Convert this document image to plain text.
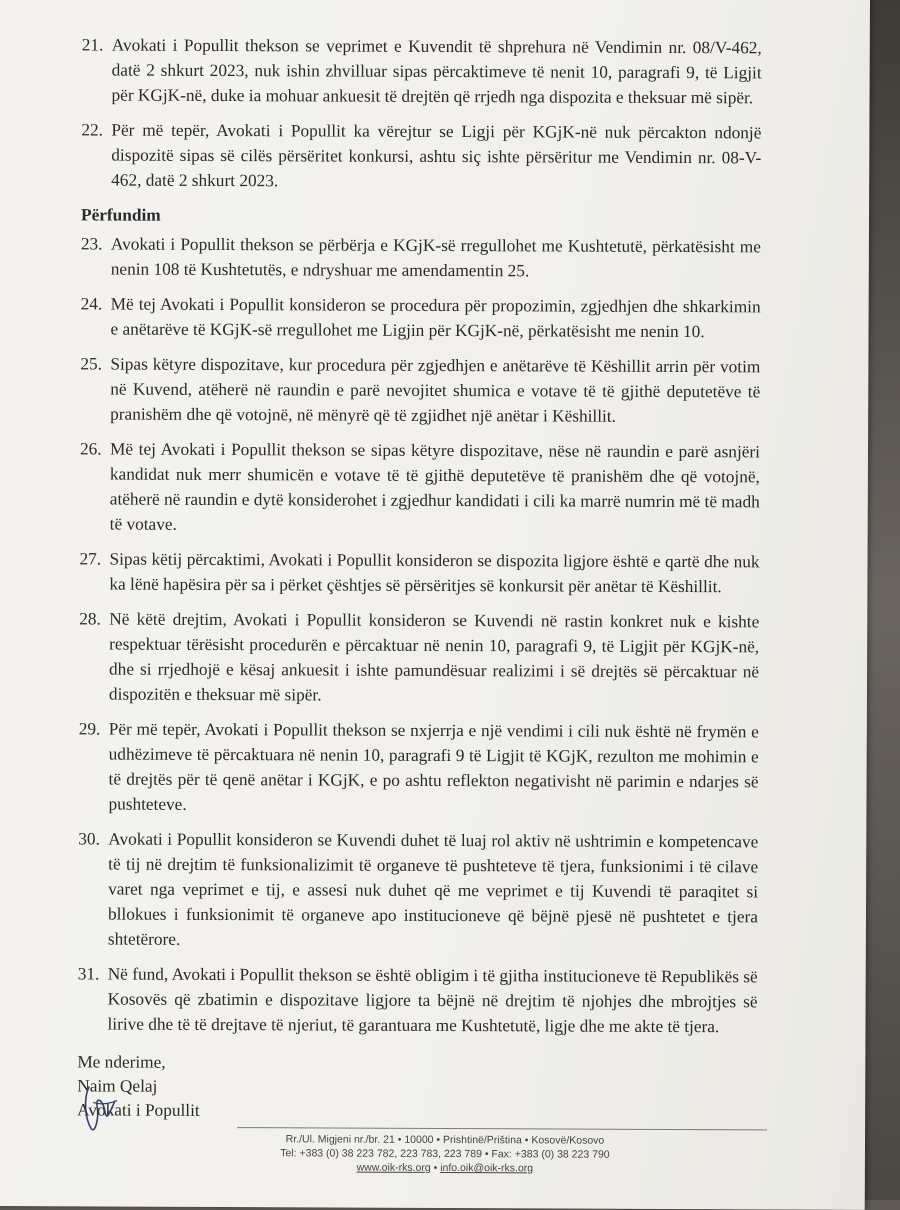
21. Avokati i Popullit thekson se veprimet e Kuvendit të shprehura në Vendimin nr. 08/V-462, datë 2 shkurt 2023, nuk ishin zhvilluar sipas përcaktimeve të nenit 10, paragrafi 9, të Ligjit për KGjK-në, duke ia mohuar ankuesit të drejtën që rrjedh nga dispozita e theksuar më sipër.
22. Për më tepër, Avokati i Popullit ka vërejtur se Ligji për KGjK-në nuk përcakton ndonjë dispozitë sipas së cilës përsëritet konkursi, ashtu siç ishte përsëritur me Vendimin nr. 08-V-462, datë 2 shkurt 2023.
Përfundim
23. Avokati i Popullit thekson se përbërja e KGjK-së rregullohet me Kushtetutë, përkatësisht me nenin 108 të Kushtetutës, e ndryshuar me amendamentin 25.
24. Më tej Avokati i Popullit konsideron se procedura për propozimin, zgjedhjen dhe shkarkimin e anëtarëve të KGjK-së rregullohet me Ligjin për KGjK-në, përkatësisht me nenin 10.
25. Sipas këtyre dispozitave, kur procedura për zgjedhjen e anëtarëve të Këshillit arrin për votim në Kuvend, atëherë në raundin e parë nevojitet shumica e votave të të gjithë deputetëve të pranishëm dhe që votojnë, në mënyrë që të zgjidhet një anëtar i Këshillit.
26. Më tej Avokati i Popullit thekson se sipas këtyre dispozitave, nëse në raundin e parë asnjëri kandidat nuk merr shumicën e votave të të gjithë deputetëve të pranishëm dhe që votojnë, atëherë në raundin e dytë konsiderohet i zgjedhur kandidati i cili ka marrë numrin më të madh të votave.
27. Sipas këtij përcaktimi, Avokati i Popullit konsideron se dispozita ligjore është e qartë dhe nuk ka lënë hapësira për sa i përket çështjes së përsëritjes së konkursit për anëtar të Këshillit.
28. Në këtë drejtim, Avokati i Popullit konsideron se Kuvendi në rastin konkret nuk e kishte respektuar tërësisht procedurën e përcaktuar në nenin 10, paragrafi 9, të Ligjit për KGjK-në, dhe si rrjedhojë e kësaj ankuesit i ishte pamundësuar realizimi i së drejtës së përcaktuar në dispozitën e theksuar më sipër.
29. Për më tepër, Avokati i Popullit thekson se nxjerrja e një vendimi i cili nuk është në frymën e udhëzimeve të përcaktuara në nenin 10, paragrafi 9 të Ligjit të KGjK, rezulton me mohimin e të drejtës për të qenë anëtar i KGjK, e po ashtu reflekton negativisht në parimin e ndarjes së pushteteve.
30. Avokati i Popullit konsideron se Kuvendi duhet të luaj rol aktiv në ushtrimin e kompetencave të tij në drejtim të funksionalizimit të organeve të pushteteve të tjera, funksionimi i të cilave varet nga veprimet e tij, e assesi nuk duhet që me veprimet e tij Kuvendi të paraqitet si bllokues i funksionimit të organeve apo institucioneve që bëjnë pjesë në pushtetet e tjera shtetërore.
31. Në fund, Avokati i Popullit thekson se është obligim i të gjitha institucioneve të Republikës së Kosovës që zbatimin e dispozitave ligjore ta bëjnë në drejtim të njohjes dhe mbrojtjes së lirive dhe të të drejtave të njeriut, të garantuara me Kushtetutë, ligje dhe me akte të tjera.
Me nderime,
Naim Qelaj
Avokati i Popullit
Rr./Ul. Migjeni nr./br. 21 • 10000 • Prishtinë/Priština • Kosovë/Kosovo
Tel: +383 (0) 38 223 782, 223 783, 223 789 • Fax: +383 (0) 38 223 790
www.oik-rks.org • info.oik@oik-rks.org
